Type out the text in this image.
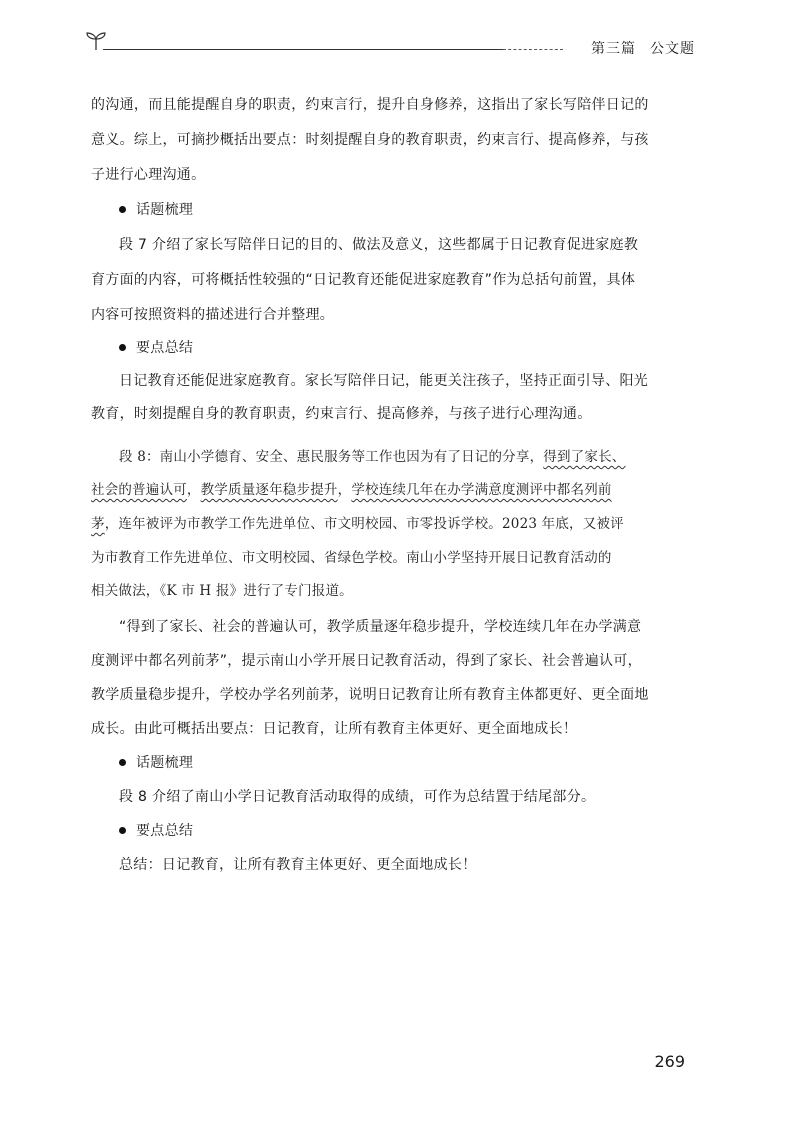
第三篇 公文题
的沟通，而且能提醒自身的职责，约束言行，提升自身修养，这指出了家长写陪伴日记的
意义。综上，可摘抄概括出要点：时刻提醒自身的教育职责，约束言行、提高修养，与孩
子进行心理沟通。
话题梳理
段 7 介绍了家长写陪伴日记的目的、做法及意义，这些都属于日记教育促进家庭教
育方面的内容，可将概括性较强的“日记教育还能促进家庭教育”作为总括句前置，具体
内容可按照资料的描述进行合并整理。
要点总结
日记教育还能促进家庭教育。家长写陪伴日记，能更关注孩子，坚持正面引导、阳光
教育，时刻提醒自身的教育职责，约束言行、提高修养，与孩子进行心理沟通。
段 8：南山小学德育、安全、惠民服务等工作也因为有了日记的分享，得到了家长、
社会的普遍认可，教学质量逐年稳步提升，学校连续几年在办学满意度测评中都名列前
茅，连年被评为市教学工作先进单位、市文明校园、市零投诉学校。2023 年底，又被评
为市教育工作先进单位、市文明校园、省绿色学校。南山小学坚持开展日记教育活动的
相关做法，《K 市 H 报》进行了专门报道。
“得到了家长、社会的普遍认可，教学质量逐年稳步提升，学校连续几年在办学满意
度测评中都名列前茅”，提示南山小学开展日记教育活动，得到了家长、社会普遍认可，
教学质量稳步提升，学校办学名列前茅，说明日记教育让所有教育主体都更好、更全面地
成长。由此可概括出要点：日记教育，让所有教育主体更好、更全面地成长！
话题梳理
段 8 介绍了南山小学日记教育活动取得的成绩，可作为总结置于结尾部分。
要点总结
总结：日记教育，让所有教育主体更好、更全面地成长！
269
